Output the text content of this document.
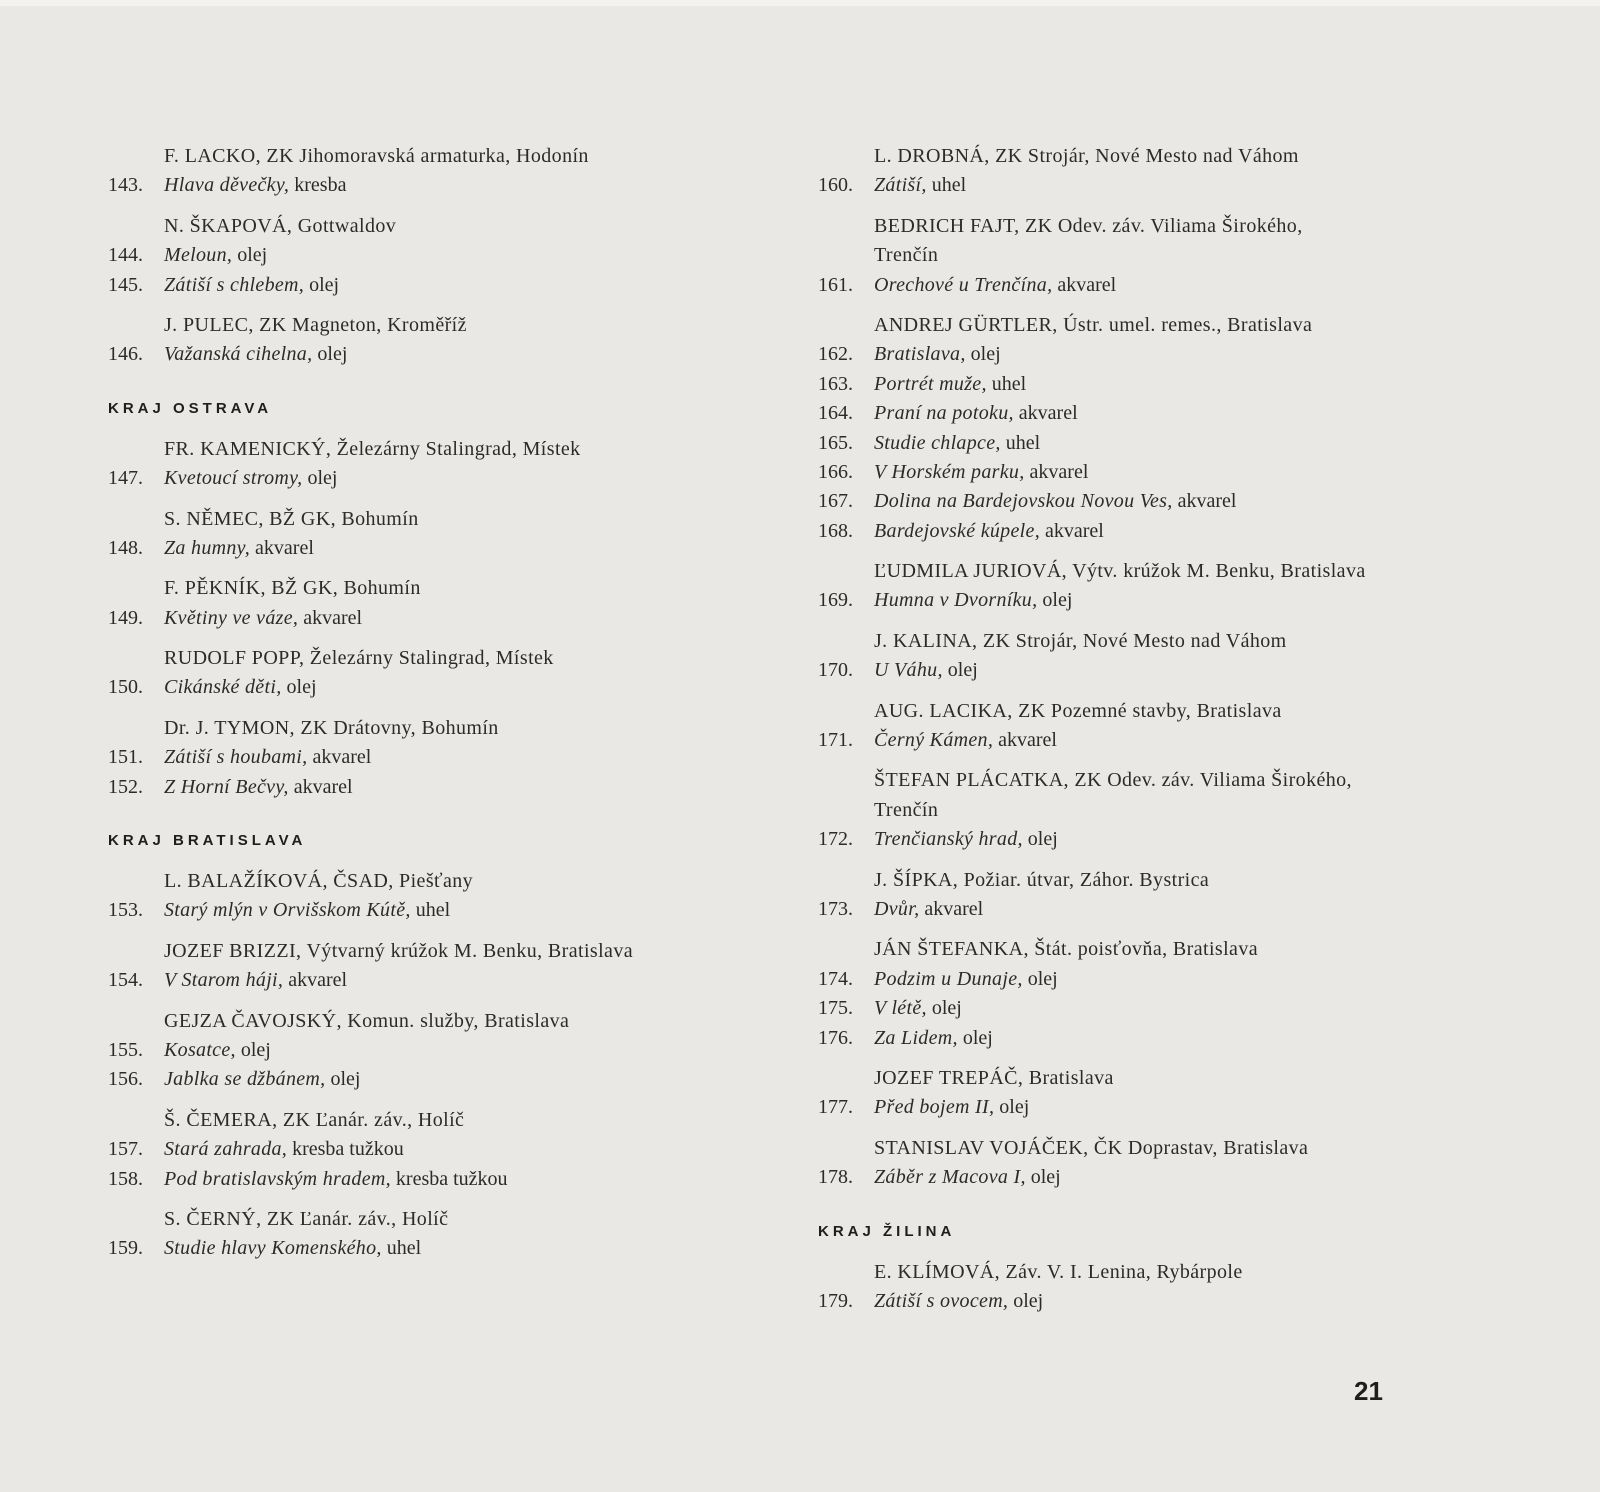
F. LACKO, ZK Jihomoravská armaturka, Hodonín
143.	Hlava děvečky, kresba
N. ŠKAPOVÁ, Gottwaldov
144.	Meloun, olej
145.	Zátiší s chlebem, olej
J. PULEC, ZK Magneton, Kroměříž
146.	Važanská cihelna, olej
KRAJ OSTRAVA
FR. KAMENICKÝ, Železárny Stalingrad, Místek
147.	Kvetoucí stromy, olej
S. NĚMEC, BŽ GK, Bohumín
148.	Za humny, akvarel
F. PĚKNÍK, BŽ GK, Bohumín
149.	Květiny ve váze, akvarel
RUDOLF POPP, Železárny Stalingrad, Místek
150.	Cikánské děti, olej
Dr. J. TYMON, ZK Drátovny, Bohumín
151.	Zátiší s houbami, akvarel
152.	Z Horní Bečvy, akvarel
KRAJ BRATISLAVA
L. BALAŽÍKOVÁ, ČSAD, Piešťany
153.	Starý mlýn v Orvišskom Kútě, uhel
JOZEF BRIZZI, Výtvarný krúžok M. Benku, Bratislava
154.	V Starom háji, akvarel
GEJZA ČAVOJSKÝ, Komun. služby, Bratislava
155.	Kosatce, olej
156.	Jablka se džbánem, olej
Š. ČEMERA, ZK Ľanár. záv., Holíč
157.	Stará zahrada, kresba tužkou
158.	Pod bratislavským hradem, kresba tužkou
S. ČERNÝ, ZK Ľanár. záv., Holíč
159.	Studie hlavy Komenského, uhel
L. DROBNÁ, ZK Strojár, Nové Mesto nad Váhom
160.	Zátiší, uhel
BEDRICH FAJT, ZK Odev. záv. Viliama Širokého,
Trenčín
161.	Orechové u Trenčína, akvarel
ANDREJ GÜRTLER, Ústr. umel. remes., Bratislava
162.	Bratislava, olej
163.	Portrét muže, uhel
164.	Praní na potoku, akvarel
165.	Studie chlapce, uhel
166.	V Horském parku, akvarel
167.	Dolina na Bardejovskou Novou Ves, akvarel
168.	Bardejovské kúpele, akvarel
ĽUDMILA JURIOVÁ, Výtv. krúžok M. Benku, Bratislava
169.	Humna v Dvorníku, olej
J. KALINA, ZK Strojár, Nové Mesto nad Váhom
170.	U Váhu, olej
AUG. LACIKA, ZK Pozemné stavby, Bratislava
171.	Černý Kámen, akvarel
ŠTEFAN PLÁCATKA, ZK Odev. záv. Viliama Širokého,
Trenčín
172.	Trenčianský hrad, olej
J. ŠÍPKA, Požiar. útvar, Záhor. Bystrica
173.	Dvůr, akvarel
JÁN ŠTEFANKA, Štát. poisťovňa, Bratislava
174.	Podzim u Dunaje, olej
175.	V létě, olej
176.	Za Lidem, olej
JOZEF TREPÁČ, Bratislava
177.	Před bojem II, olej
STANISLAV VOJÁČEK, ČK Doprastav, Bratislava
178.	Záběr z Macova I, olej
KRAJ ŽILINA
E. KLÍMOVÁ, Záv. V. I. Lenina, Rybárpole
179.	Zátiší s ovocem, olej
21
